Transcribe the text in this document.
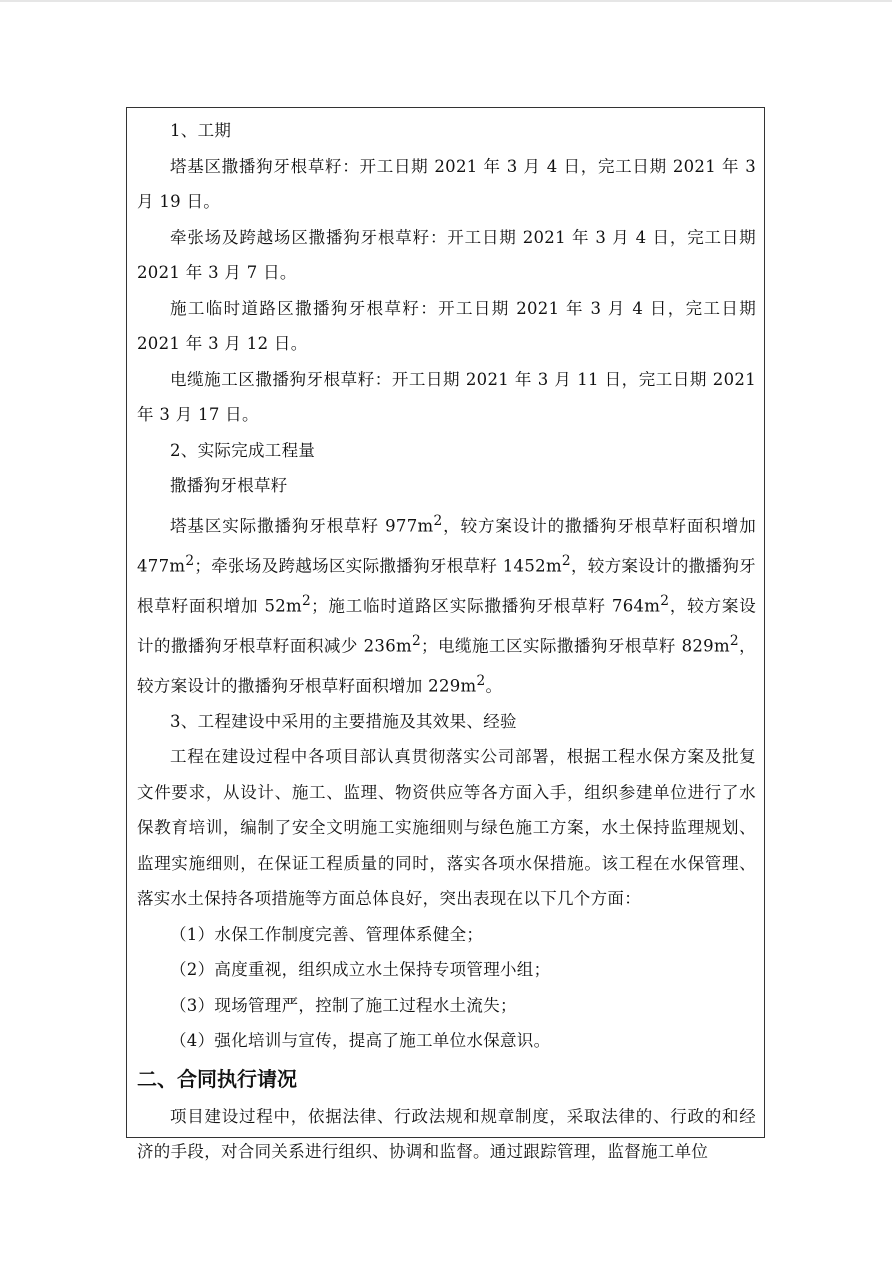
1、工期

塔基区撒播狗牙根草籽：开工日期 2021 年 3 月 4 日，完工日期 2021 年 3 月 19 日。

牵张场及跨越场区撒播狗牙根草籽：开工日期 2021 年 3 月 4 日，完工日期 2021 年 3 月 7 日。

施工临时道路区撒播狗牙根草籽：开工日期 2021 年 3 月 4 日，完工日期 2021 年 3 月 12 日。

电缆施工区撒播狗牙根草籽：开工日期 2021 年 3 月 11 日，完工日期 2021 年 3 月 17 日。

2、实际完成工程量

撒播狗牙根草籽

塔基区实际撒播狗牙根草籽 $977m^2$，较方案设计的撒播狗牙根草籽面积增加 $477m^2$；牵张场及跨越场区实际撒播狗牙根草籽 $1452m^2$，较方案设计的撒播狗牙根草籽面积增加 $52m^2$；施工临时道路区实际撒播狗牙根草籽 $764m^2$，较方案设计的撒播狗牙根草籽面积减少 $236m^2$；电缆施工区实际撒播狗牙根草籽 $829m^2$，较方案设计的撒播狗牙根草籽面积增加 $229m^2$。

3、工程建设中采用的主要措施及其效果、经验

工程在建设过程中各项目部认真贯彻落实公司部署，根据工程水保方案及批复文件要求，从设计、施工、监理、物资供应等各方面入手，组织参建单位进行了水保教育培训，编制了安全文明施工实施细则与绿色施工方案，水土保持监理规划、监理实施细则，在保证工程质量的同时，落实各项水保措施。该工程在水保管理、落实水土保持各项措施等方面总体良好，突出表现在以下几个方面：

（1）水保工作制度完善、管理体系健全；

（2）高度重视，组织成立水土保持专项管理小组；

（3）现场管理严，控制了施工过程水土流失；

（4）强化培训与宣传，提高了施工单位水保意识。

二、合同执行请况

项目建设过程中，依据法律、行政法规和规章制度，采取法律的、行政的和经济的手段，对合同关系进行组织、协调和监督。通过跟踪管理，监督施工单位
